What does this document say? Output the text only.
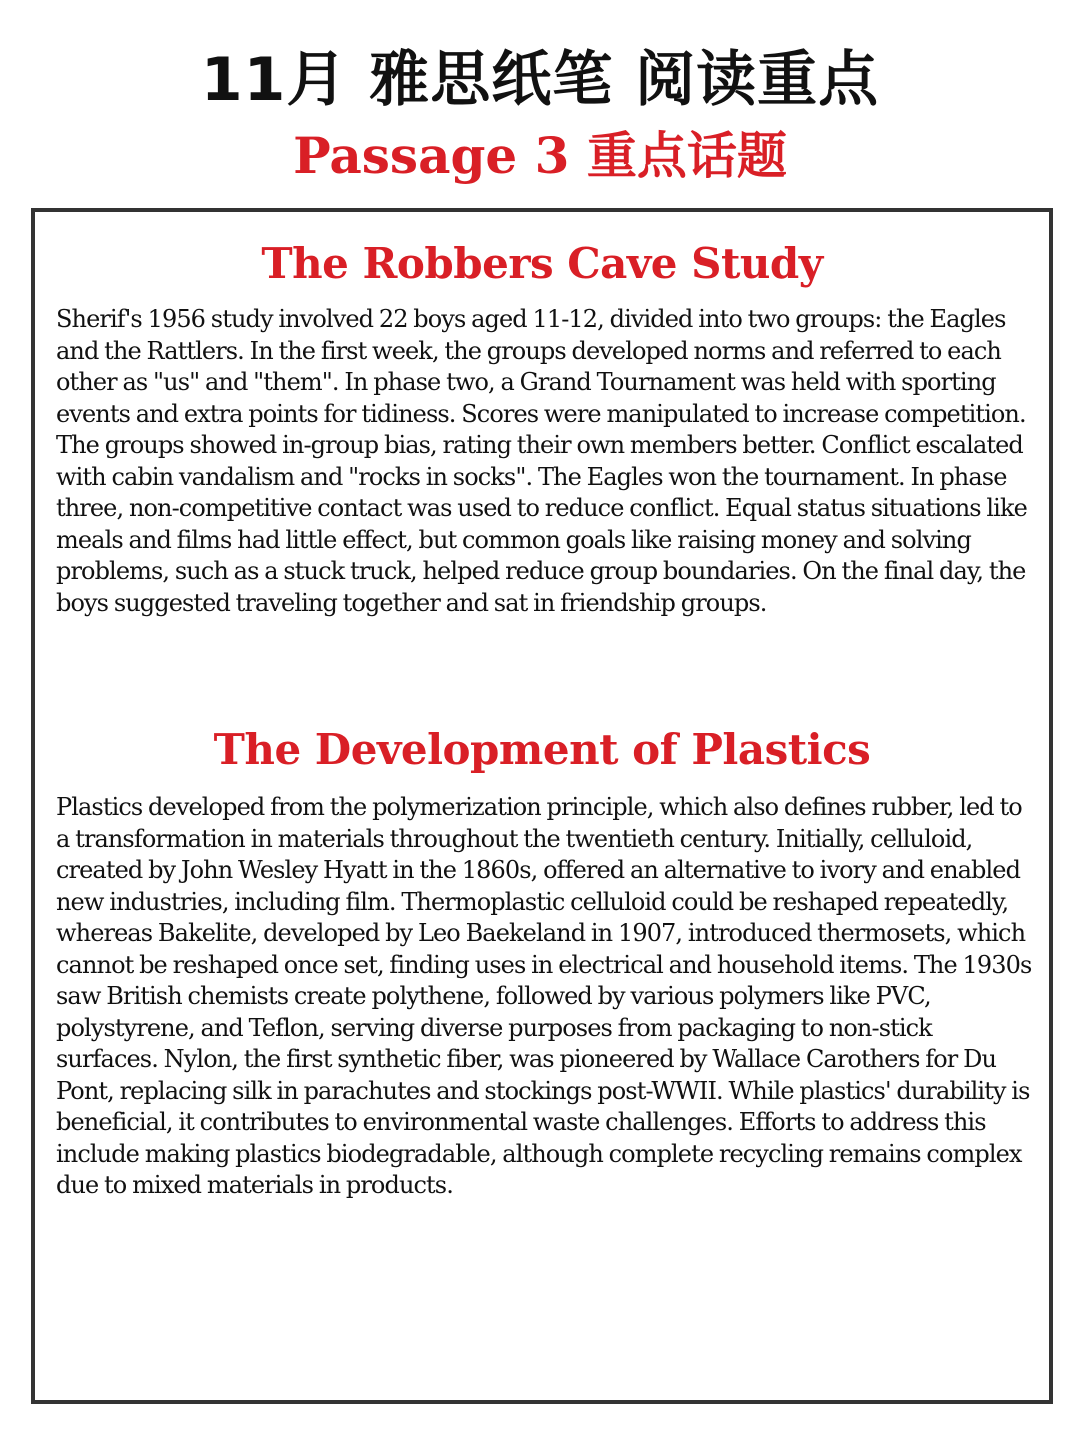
11月 雅思纸笔 阅读重点
Passage 3 重点话题
The Robbers Cave Study
Sherif's 1956 study involved 22 boys aged 11-12, divided into two groups: the Eagles and the Rattlers. In the first week, the groups developed norms and referred to each other as "us" and "them". In phase two, a Grand Tournament was held with sporting events and extra points for tidiness. Scores were manipulated to increase competition. The groups showed in-group bias, rating their own members better. Conflict escalated with cabin vandalism and "rocks in socks". The Eagles won the tournament. In phase three, non-competitive contact was used to reduce conflict. Equal status situations like meals and films had little effect, but common goals like raising money and solving problems, such as a stuck truck, helped reduce group boundaries. On the final day, the boys suggested traveling together and sat in friendship groups.
The Development of Plastics
Plastics developed from the polymerization principle, which also defines rubber, led to a transformation in materials throughout the twentieth century. Initially, celluloid, created by John Wesley Hyatt in the 1860s, offered an alternative to ivory and enabled new industries, including film. Thermoplastic celluloid could be reshaped repeatedly, whereas Bakelite, developed by Leo Baekeland in 1907, introduced thermosets, which cannot be reshaped once set, finding uses in electrical and household items. The 1930s saw British chemists create polythene, followed by various polymers like PVC, polystyrene, and Teflon, serving diverse purposes from packaging to non-stick surfaces. Nylon, the first synthetic fiber, was pioneered by Wallace Carothers for Du Pont, replacing silk in parachutes and stockings post-WWII. While plastics' durability is beneficial, it contributes to environmental waste challenges. Efforts to address this include making plastics biodegradable, although complete recycling remains complex due to mixed materials in products.
